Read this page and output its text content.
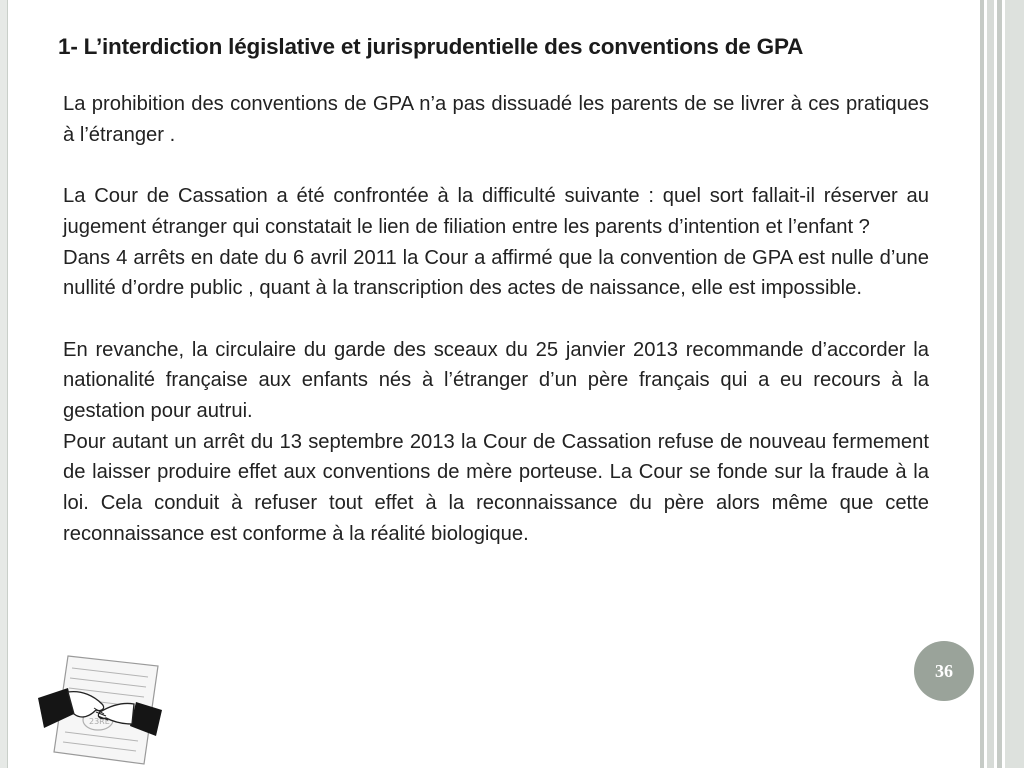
1- L’interdiction législative et jurisprudentielle des conventions de GPA

La prohibition des conventions de GPA n’a pas dissuadé les parents de se livrer à ces pratiques à l’étranger .

La Cour de Cassation a été confrontée à la difficulté suivante : quel sort fallait-il réserver au jugement étranger qui constatait le lien de filiation entre les parents d’intention et l’enfant ?

Dans 4 arrêts en date du 6 avril 2011 la Cour a affirmé que la convention de GPA est nulle d’une nullité d’ordre public , quant à la transcription des actes de naissance, elle est impossible.

En revanche, la circulaire du garde des sceaux du 25 janvier 2013 recommande d’accorder la nationalité française aux enfants nés à l’étranger d’un père français qui a eu recours à la gestation pour autrui.

Pour autant un arrêt du 13 septembre 2013 la Cour de Cassation refuse de nouveau fermement de laisser produire effet aux conventions de mère porteuse. La Cour se fonde sur la fraude à la loi. Cela conduit à refuser tout effet à la reconnaissance du père alors même que cette reconnaissance est conforme à la réalité biologique.

23RE
36
